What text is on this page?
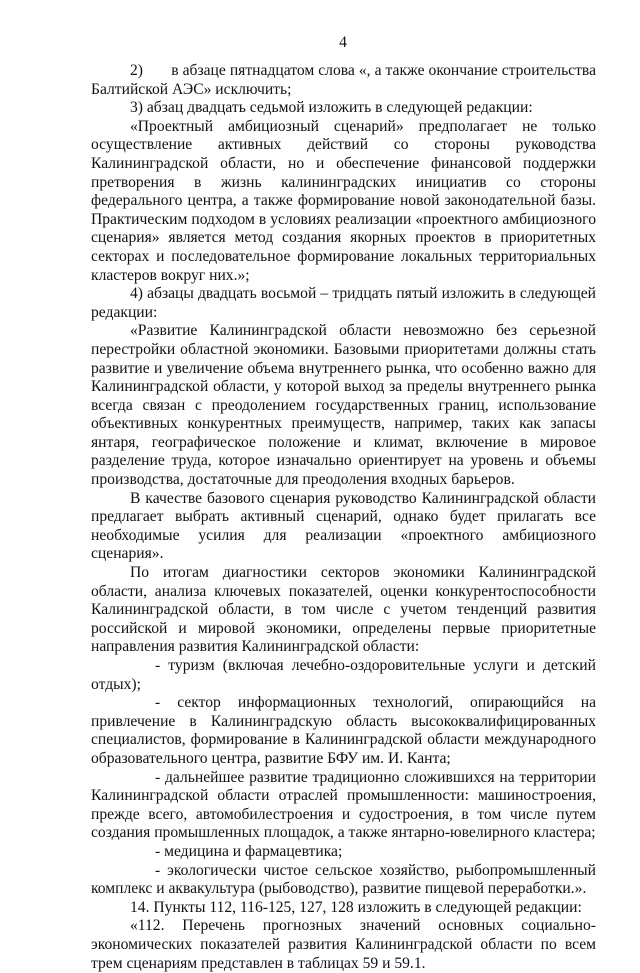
4

2)       в абзаце пятнадцатом слова «, а также окончание строительства Балтийской АЭС» исключить;

3) абзац двадцать седьмой изложить в следующей редакции:

«Проектный амбициозный сценарий» предполагает не только осуществление активных действий со стороны руководства Калининградской области, но и обеспечение финансовой поддержки претворения в жизнь калининградских инициатив со стороны федерального центра, а также формирование новой законодательной базы. Практическим подходом в условиях реализации «проектного амбициозного сценария» является метод создания якорных проектов в приоритетных секторах и последовательное формирование локальных территориальных кластеров вокруг них.»;

4) абзацы двадцать восьмой – тридцать пятый изложить в следующей редакции:

«Развитие Калининградской области невозможно без серьезной перестройки областной экономики. Базовыми приоритетами должны стать развитие и увеличение объема внутреннего рынка, что особенно важно для Калининградской области, у которой выход за пределы внутреннего рынка всегда связан с преодолением государственных границ, использование объективных конкурентных преимуществ, например, таких как запасы янтаря, географическое положение и климат, включение в мировое разделение труда, которое изначально ориентирует на уровень и объемы производства, достаточные для преодоления входных барьеров.

В качестве базового сценария руководство Калининградской области предлагает выбрать активный сценарий, однако будет прилагать все необходимые усилия для реализации «проектного амбициозного сценария».

По итогам диагностики секторов экономики Калининградской области, анализа ключевых показателей, оценки конкурентоспособности Калининградской области, в том числе с учетом тенденций развития российской и мировой экономики, определены первые приоритетные направления развития Калининградской области:

- туризм (включая лечебно-оздоровительные услуги и детский отдых);

- сектор информационных технологий, опирающийся на привлечение в Калининградскую область высококвалифицированных специалистов, формирование в Калининградской области международного образовательного центра, развитие БФУ им. И. Канта;

- дальнейшее развитие традиционно сложившихся на территории Калининградской области отраслей промышленности: машиностроения, прежде всего, автомобилестроения и судостроения, в том числе путем создания промышленных площадок, а также янтарно-ювелирного кластера;

- медицина и фармацевтика;

- экологически чистое сельское хозяйство, рыбопромышленный комплекс и аквакультура (рыбоводство), развитие пищевой переработки.».

14. Пункты 112, 116-125, 127, 128 изложить в следующей редакции:

«112. Перечень прогнозных значений основных социально-экономических показателей развития Калининградской области по всем трем сценариям представлен в таблицах 59 и 59.1.
